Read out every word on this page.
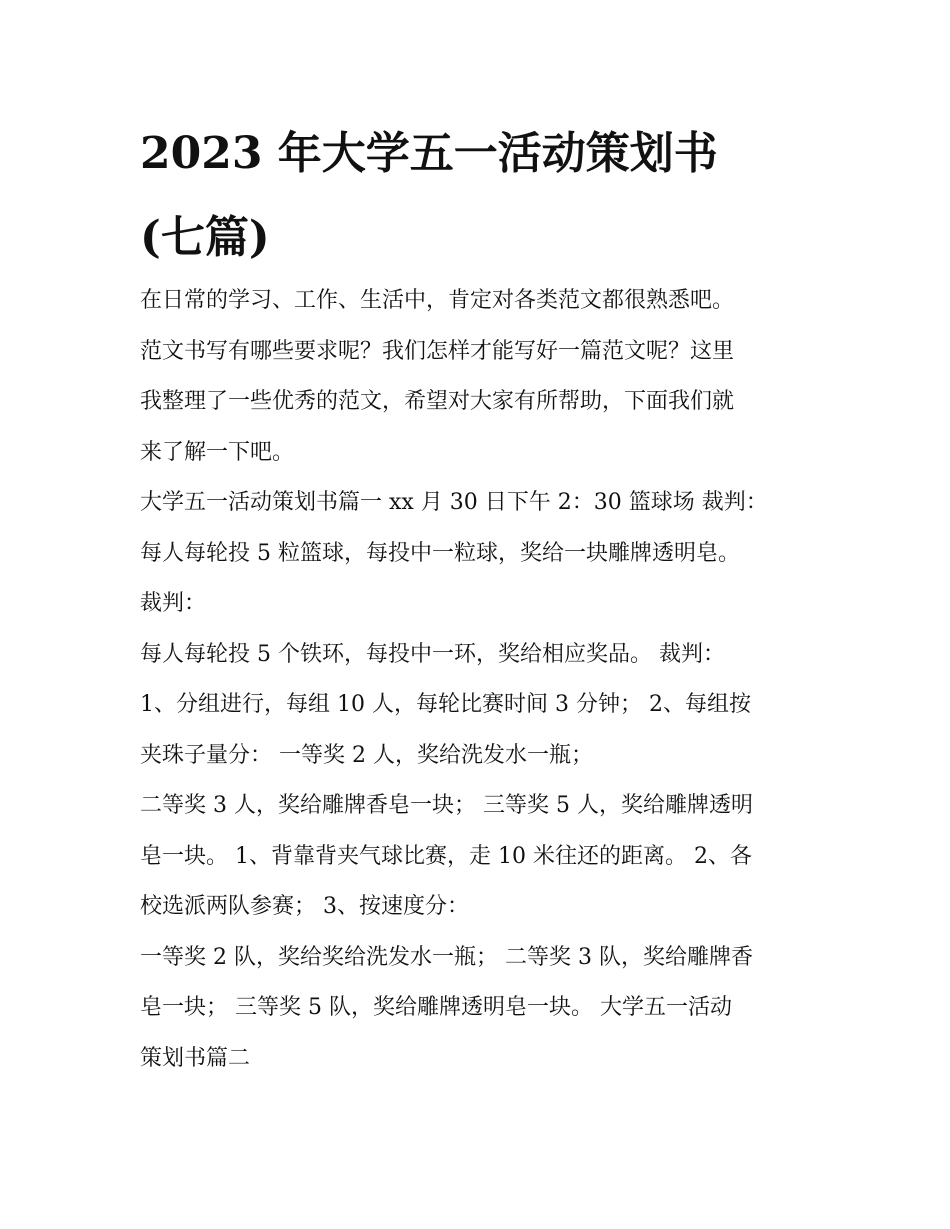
2023 年大学五一活动策划书
(七篇)
在日常的学习、工作、生活中，肯定对各类范文都很熟悉吧。
范文书写有哪些要求呢？我们怎样才能写好一篇范文呢？这里
我整理了一些优秀的范文，希望对大家有所帮助，下面我们就
来了解一下吧。
大学五一活动策划书篇一 xx 月 30 日下午 2：30 篮球场 裁判：
每人每轮投 5 粒篮球，每投中一粒球，奖给一块雕牌透明皂。
裁判：
每人每轮投 5 个铁环，每投中一环，奖给相应奖品。 裁判：
1、分组进行，每组 10 人，每轮比赛时间 3 分钟； 2、每组按
夹珠子量分： 一等奖 2 人，奖给洗发水一瓶；
二等奖 3 人，奖给雕牌香皂一块； 三等奖 5 人，奖给雕牌透明
皂一块。 1、背靠背夹气球比赛，走 10 米往还的距离。 2、各
校选派两队参赛； 3、按速度分：
一等奖 2 队，奖给奖给洗发水一瓶； 二等奖 3 队，奖给雕牌香
皂一块； 三等奖 5 队，奖给雕牌透明皂一块。 大学五一活动
策划书篇二
